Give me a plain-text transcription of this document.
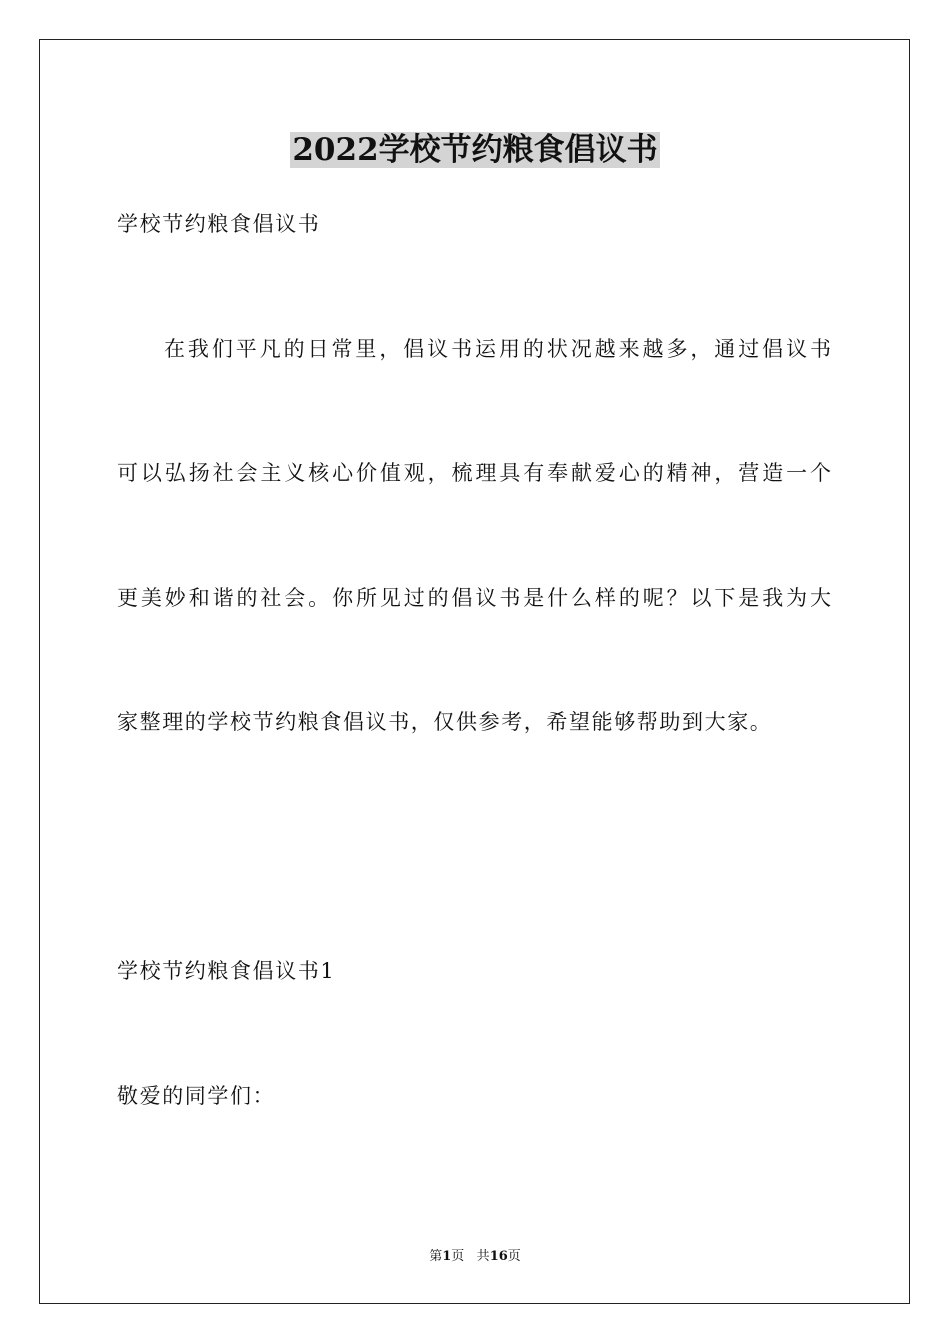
2022学校节约粮食倡议书
学校节约粮食倡议书
在我们平凡的日常里，倡议书运用的状况越来越多，通过倡议书
可以弘扬社会主义核心价值观，梳理具有奉献爱心的精神，营造一个
更美妙和谐的社会。你所见过的倡议书是什么样的呢？以下是我为大
家整理的学校节约粮食倡议书，仅供参考，希望能够帮助到大家。
学校节约粮食倡议书1
敬爱的同学们：
第1页 共16页
